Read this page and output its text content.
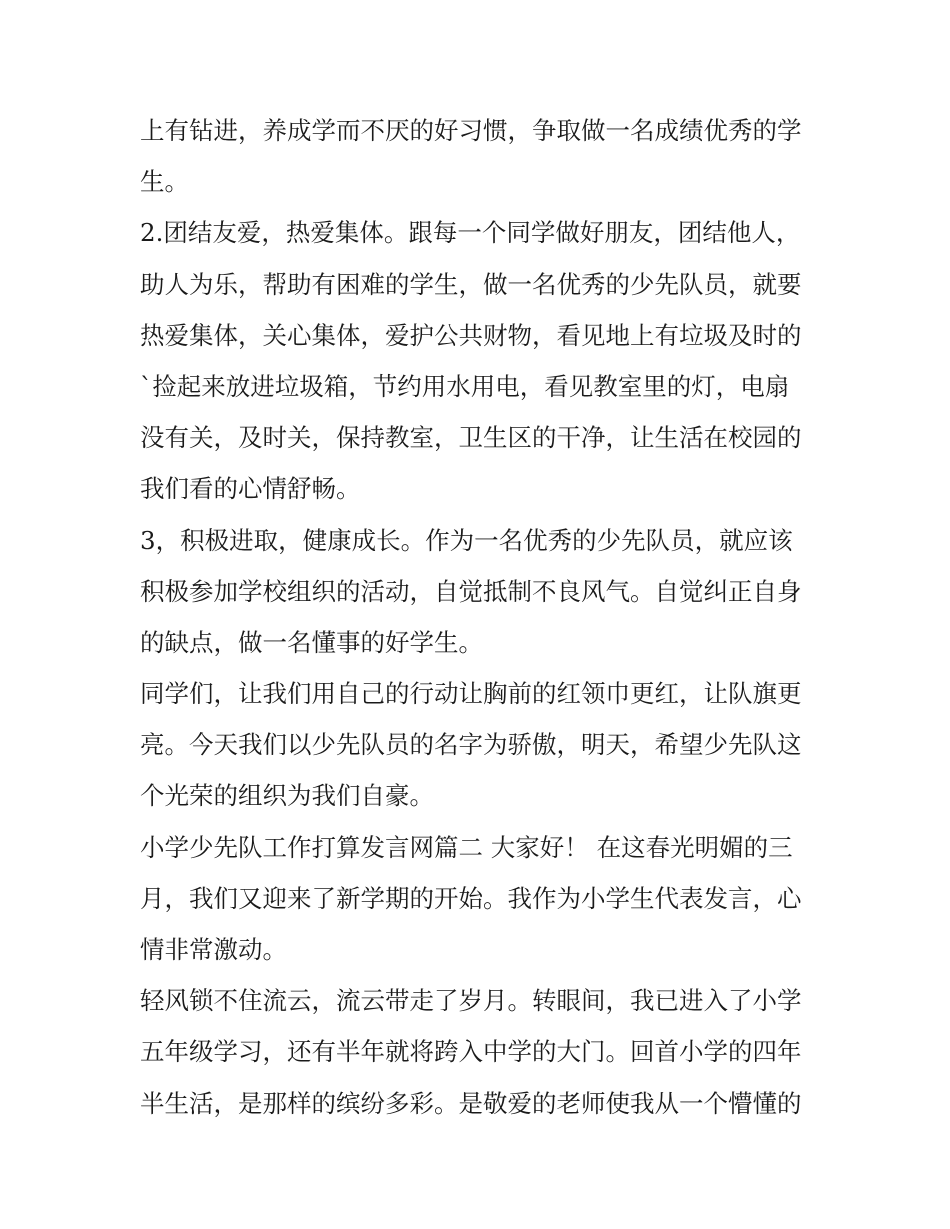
上有钻进，养成学而不厌的好习惯，争取做一名成绩优秀的学
生。
2.团结友爱，热爱集体。跟每一个同学做好朋友，团结他人，
助人为乐，帮助有困难的学生，做一名优秀的少先队员，就要
热爱集体，关心集体，爱护公共财物，看见地上有垃圾及时的
`捡起来放进垃圾箱，节约用水用电，看见教室里的灯，电扇
没有关，及时关，保持教室，卫生区的干净，让生活在校园的
我们看的心情舒畅。
3，积极进取，健康成长。作为一名优秀的少先队员，就应该
积极参加学校组织的活动，自觉抵制不良风气。自觉纠正自身
的缺点，做一名懂事的好学生。
同学们，让我们用自己的行动让胸前的红领巾更红，让队旗更
亮。今天我们以少先队员的名字为骄傲，明天，希望少先队这
个光荣的组织为我们自豪。
小学少先队工作打算发言网篇二 大家好！ 在这春光明媚的三
月，我们又迎来了新学期的开始。我作为小学生代表发言，心
情非常激动。
轻风锁不住流云，流云带走了岁月。转眼间，我已进入了小学
五年级学习，还有半年就将跨入中学的大门。回首小学的四年
半生活，是那样的缤纷多彩。是敬爱的老师使我从一个懵懂的
